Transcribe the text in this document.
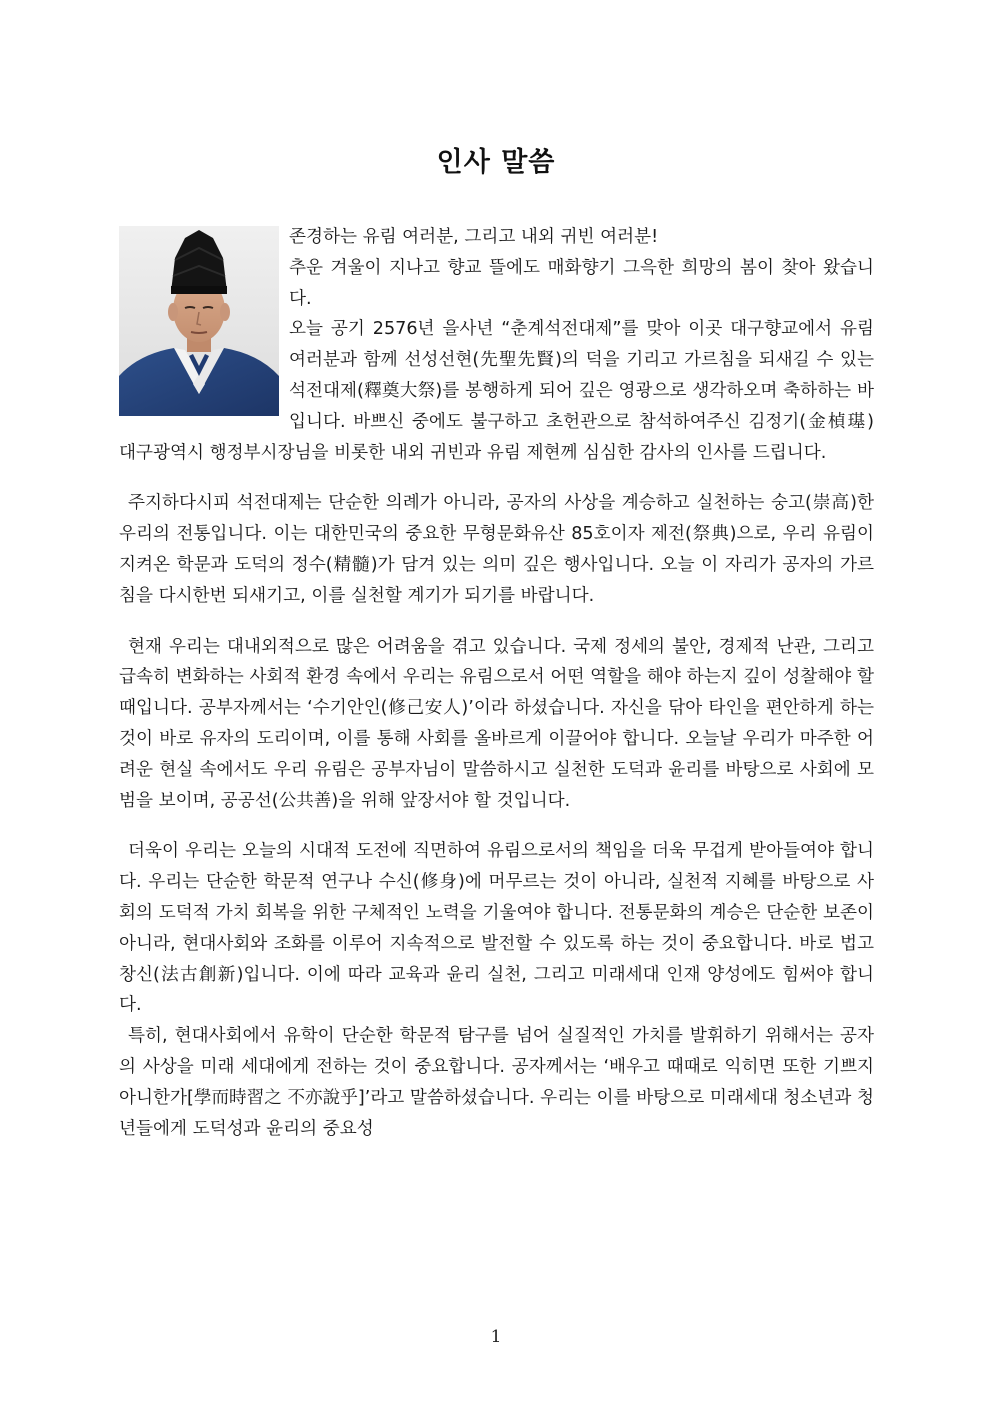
인사 말씀

존경하는 유림 여러분, 그리고 내외 귀빈 여러분!

추운 겨울이 지나고 향교 뜰에도 매화향기 그윽한 희망의 봄이 찾아 왔습니다.

오늘 공기 2576년 을사년 “춘계석전대제”를 맞아 이곳 대구향교에서 유림 여러분과 함께 선성선현(先聖先賢)의 덕을 기리고 가르침을 되새길 수 있는 석전대제(釋奠大祭)를 봉행하게 되어 깊은 영광으로 생각하오며 축하하는 바입니다. 바쁘신 중에도 불구하고 초헌관으로 참석하여주신 김정기(金楨璂) 대구광역시 행정부시장님을 비롯한 내외 귀빈과 유림 제현께 심심한 감사의 인사를 드립니다.

주지하다시피 석전대제는 단순한 의례가 아니라, 공자의 사상을 계승하고 실천하는 숭고(崇高)한 우리의 전통입니다. 이는 대한민국의 중요한 무형문화유산 85호이자 제전(祭典)으로, 우리 유림이 지켜온 학문과 도덕의 정수(精髓)가 담겨 있는 의미 깊은 행사입니다. 오늘 이 자리가 공자의 가르침을 다시한번 되새기고, 이를 실천할 계기가 되기를 바랍니다.

현재 우리는 대내외적으로 많은 어려움을 겪고 있습니다. 국제 정세의 불안, 경제적 난관, 그리고 급속히 변화하는 사회적 환경 속에서 우리는 유림으로서 어떤 역할을 해야 하는지 깊이 성찰해야 할 때입니다. 공부자께서는 ‘수기안인(修己安人)’이라 하셨습니다. 자신을 닦아 타인을 편안하게 하는 것이 바로 유자의 도리이며, 이를 통해 사회를 올바르게 이끌어야 합니다. 오늘날 우리가 마주한 어려운 현실 속에서도 우리 유림은 공부자님이 말씀하시고 실천한 도덕과 윤리를 바탕으로 사회에 모범을 보이며, 공공선(公共善)을 위해 앞장서야 할 것입니다.

더욱이 우리는 오늘의 시대적 도전에 직면하여 유림으로서의 책임을 더욱 무겁게 받아들여야 합니다. 우리는 단순한 학문적 연구나 수신(修身)에 머무르는 것이 아니라, 실천적 지혜를 바탕으로 사회의 도덕적 가치 회복을 위한 구체적인 노력을 기울여야 합니다. 전통문화의 계승은 단순한 보존이 아니라, 현대사회와 조화를 이루어 지속적으로 발전할 수 있도록 하는 것이 중요합니다. 바로 법고창신(法古創新)입니다. 이에 따라 교육과 윤리 실천, 그리고 미래세대 인재 양성에도 힘써야 합니다.

특히, 현대사회에서 유학이 단순한 학문적 탐구를 넘어 실질적인 가치를 발휘하기 위해서는 공자의 사상을 미래 세대에게 전하는 것이 중요합니다. 공자께서는 ‘배우고 때때로 익히면 또한 기쁘지 아니한가[學而時習之 不亦說乎]’라고 말씀하셨습니다. 우리는 이를 바탕으로 미래세대 청소년과 청년들에게 도덕성과 윤리의 중요성

1
